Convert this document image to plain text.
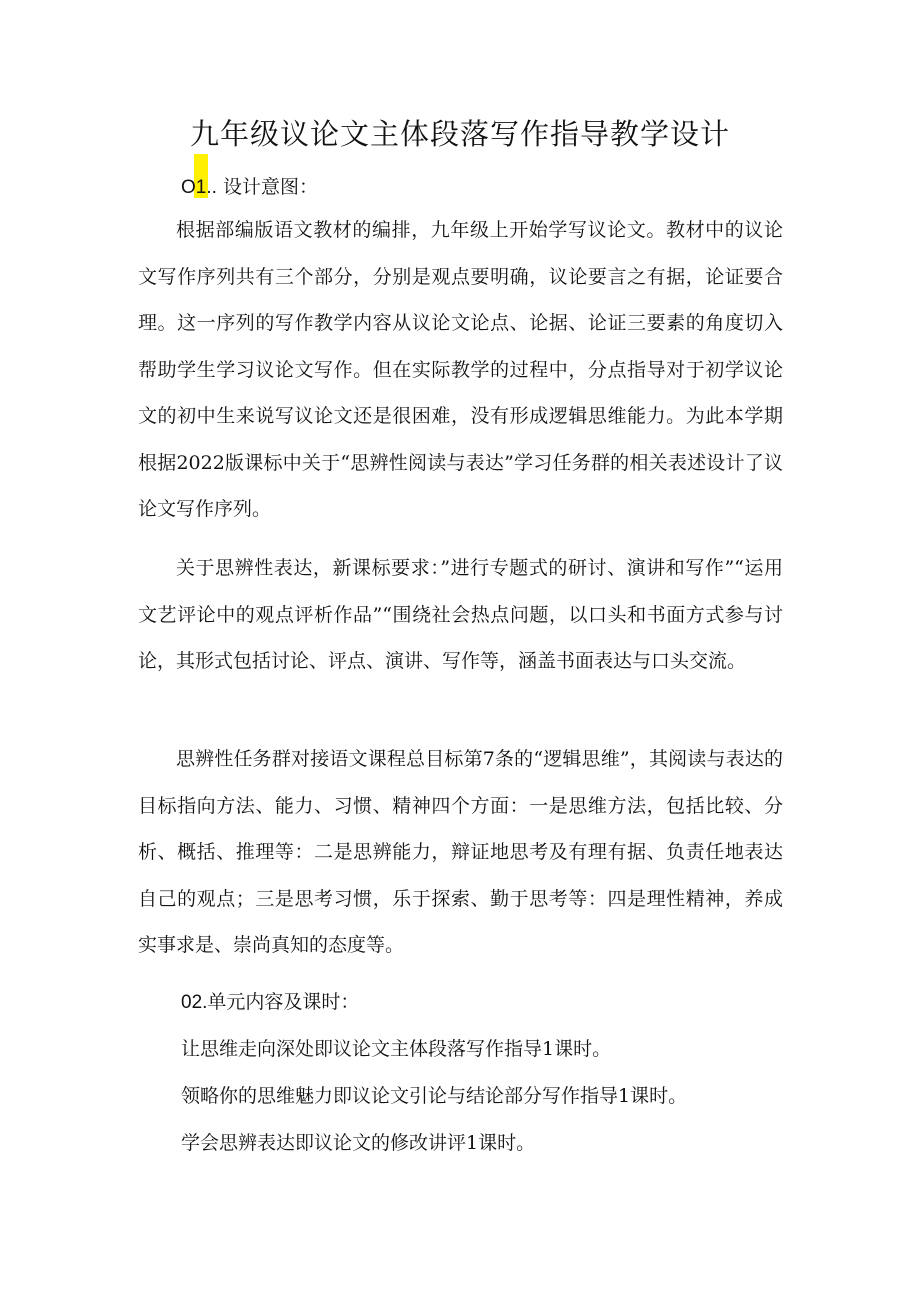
九年级议论文主体段落写作指导教学设计
O1.. 设计意图：

根据部编版语文教材的编排，九年级上开始学写议论文。教材中的议论文写作序列共有三个部分，分别是观点要明确，议论要言之有据，论证要合理。这一序列的写作教学内容从议论文论点、论据、论证三要素的角度切入帮助学生学习议论文写作。但在实际教学的过程中，分点指导对于初学议论文的初中生来说写议论文还是很困难，没有形成逻辑思维能力。为此本学期根据2022版课标中关于“思辨性阅读与表达”学习任务群的相关表述设计了议论文写作序列。

关于思辨性表达，新课标要求：”进行专题式的研讨、演讲和写作”“运用文艺评论中的观点评析作品”“围绕社会热点问题，以口头和书面方式参与讨论，其形式包括讨论、评点、演讲、写作等，涵盖书面表达与口头交流。

思辨性任务群对接语文课程总目标第7条的“逻辑思维”，其阅读与表达的目标指向方法、能力、习惯、精神四个方面：一是思维方法，包括比较、分析、概括、推理等：二是思辨能力，辩证地思考及有理有据、负责任地表达自己的观点；三是思考习惯，乐于探索、勤于思考等：四是理性精神，养成实事求是、崇尚真知的态度等。

02.单元内容及课时：
让思维走向深处即议论文主体段落写作指导1课时。
领略你的思维魅力即议论文引论与结论部分写作指导1课时。
学会思辨表达即议论文的修改讲评1课时。
